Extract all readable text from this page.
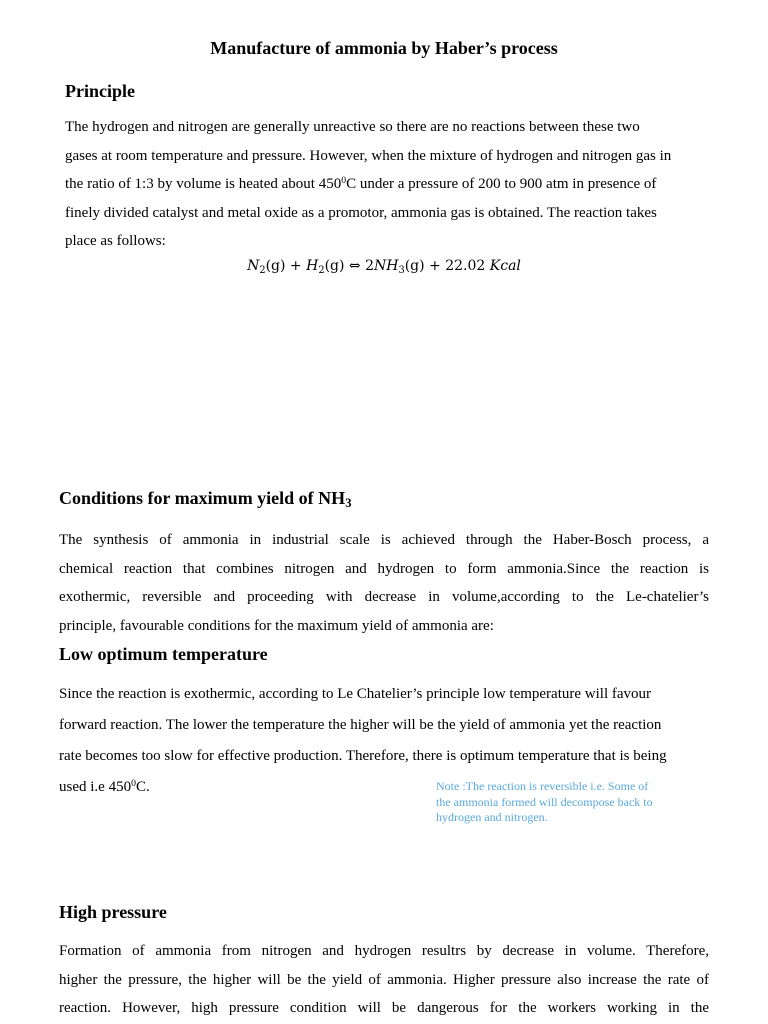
Manufacture of ammonia by Haber’s process
Principle
The hydrogen and nitrogen are generally unreactive so there are no reactions between these two
gases at room temperature and pressure. However, when the mixture of hydrogen and nitrogen gas in
the ratio of 1:3 by volume is heated about $450^0C$ under a pressure of 200 to 900 atm in presence of
finely divided catalyst and metal oxide as a promotor, ammonia gas is obtained. The reaction takes
place as follows:
$N_2(g) + H_2(g)$ ⇔ $2NH_3(g) + 22.02$ Kcal
Conditions for maximum yield of $NH_3$
The synthesis of ammonia in industrial scale is achieved through the Haber-Bosch process, a
chemical reaction that combines nitrogen and hydrogen to form ammonia.Since the reaction is
exothermic, reversible and proceeding with decrease in volume,according to the Le-chatelier’s
principle, favourable conditions for the maximum yield of ammonia are:
Low optimum temperature
Since the reaction is exothermic, according to Le Chatelier’s principle low temperature will favour
forward reaction. The lower the temperature the higher will be the yield of ammonia yet the reaction
rate becomes too slow for effective production. Therefore, there is optimum temperature that is being
used i.e $450^0C$.	Note :The reaction is reversible i.e. Some of
the ammonia formed will decompose back to
hydrogen and nitrogen.
High pressure
Formation of ammonia from nitrogen and hydrogen resultrs by decrease in volume. Therefore,
higher the pressure, the higher will be the yield of ammonia. Higher pressure also increase the rate of
reaction. However, high pressure condition will be dangerous for the workers working in the
